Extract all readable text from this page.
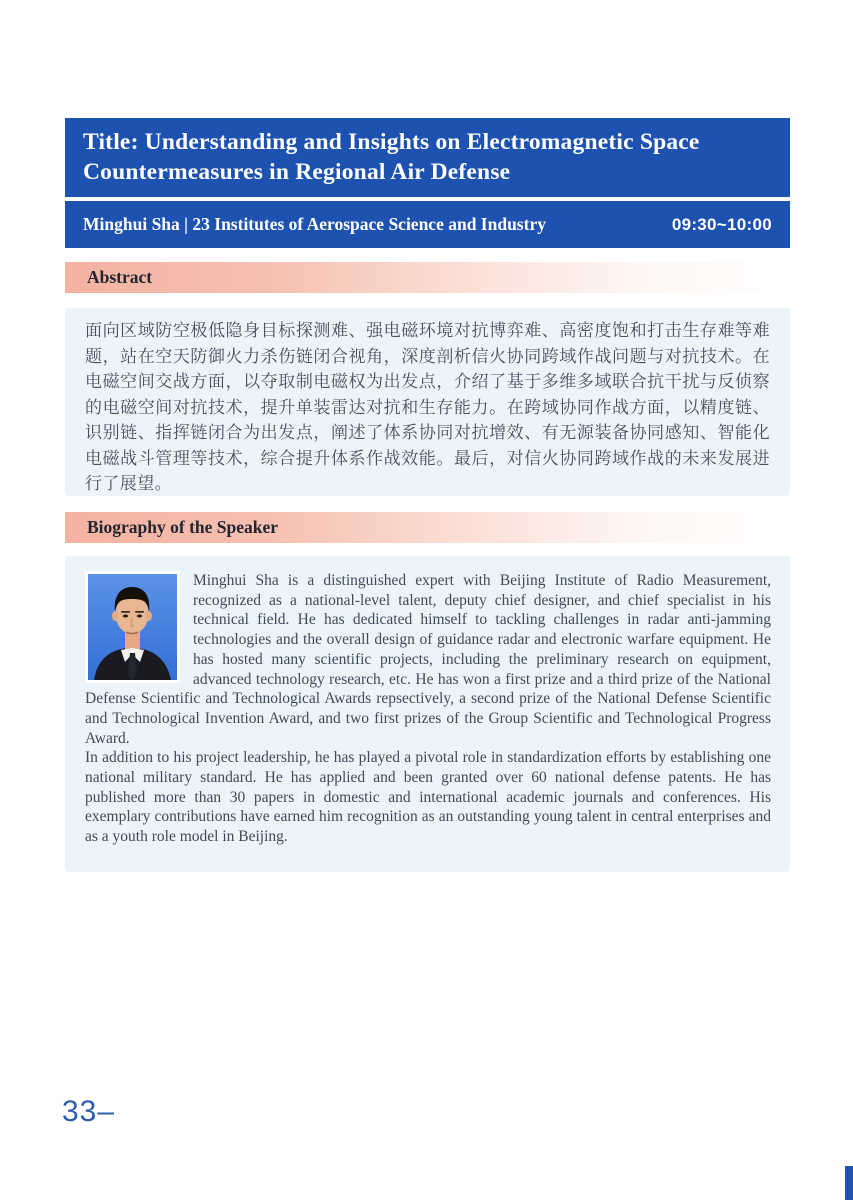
Title: Understanding and Insights on Electromagnetic Space Countermeasures in Regional Air Defense
Minghui Sha | 23 Institutes of Aerospace Science and Industry	09:30~10:00
Abstract

面向区域防空极低隐身目标探测难、强电磁环境对抗博弈难、高密度饱和打击生存难等难题，站在空天防御火力杀伤链闭合视角，深度剖析信火协同跨域作战问题与对抗技术。在电磁空间交战方面，以夺取制电磁权为出发点，介绍了基于多维多域联合抗干扰与反侦察的电磁空间对抗技术，提升单装雷达对抗和生存能力。在跨域协同作战方面，以精度链、识别链、指挥链闭合为出发点，阐述了体系协同对抗增效、有无源装备协同感知、智能化电磁战斗管理等技术，综合提升体系作战效能。最后，对信火协同跨域作战的未来发展进行了展望。

Biography of the Speaker

Minghui Sha is a distinguished expert with Beijing Institute of Radio Measurement, recognized as a national-level talent, deputy chief designer, and chief specialist in his technical field. He has dedicated himself to tackling challenges in radar anti-jamming technologies and the overall design of guidance radar and electronic warfare equipment. He has hosted many scientific projects, including the preliminary research on equipment, advanced technology research, etc. He has won a first prize and a third prize of the National Defense Scientific and Technological Awards repsectively, a second prize of the National Defense Scientific and Technological Invention Award, and two first prizes of the Group Scientific and Technological Progress Award.

In addition to his project leadership, he has played a pivotal role in standardization efforts by establishing one national military standard. He has applied and been granted over 60 national defense patents. He has published more than 30 papers in domestic and international academic journals and conferences. His exemplary contributions have earned him recognition as an outstanding young talent in central enterprises and as a youth role model in Beijing.

33–
